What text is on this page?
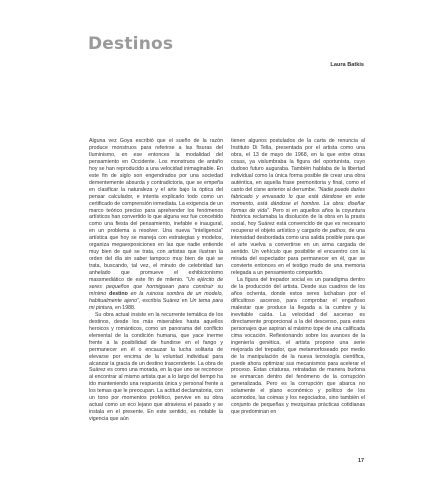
Destinos
Laura Batkis

Alguna vez Goya escribió que el sueño de la razón produce monstruos para referirse a las fisuras del Iluminismo, en ese entonces la modalidad del pensamiento en Occidente. Los monstruos de antaño hoy se han reproducido a una velocidad inimaginable. En este fin de siglo son engendrados por una sociedad dementemente absurda y contradictoria, que se empeña en clasificar la naturaleza y el arte bajo la óptica del pensar calculador, e intenta explicarlo todo como un certificado de comprensión inmediata. La exigencia de un marco teórico preciso para aprehender los fenómenos artísticos han convertido lo que alguna vez fue concebido como una fiesta del pensamiento, inefable e inaugural, en un problema a resolver. Una nueva “inteligencia” artística que hoy se maneja con estrategias y modelos, organiza megaexposiciones en las que nadie entiende muy bien de qué se trata, con artistas que ilustran la orden del día sin saber tampoco muy bien de qué se trata, buscando, tal vez, el minuto de celebridad tan anhelado que promueve el exhibicionismo massmediático de este fin de milenio. “Un ejército de seres pequeños que hormiguean para construir su mínimo destino en la ruinosa sombra de un modelo, habitualmente ajeno”, escribía Suárez en Un tema para mi pintura, en 1988.

Su obra actual insiste en la recurrente temática de los destinos, desde los más miserables hasta aquellos heroicos y románticos, como un panorama del conflicto elemental de la condición humana, que yace inerme frente a la posibilidad de hundirse en el fango y permanecer en él o encauzar la lucha solitaria de elevarse por encima de la voluntad individual para alcanzar la gracia de un destino trascendente. La obra de Suárez es como una morada, en la que uno se reconoce al encontrar al mismo artista que a lo largo del tiempo ha ido manteniendo una respuesta única y personal frente a los temas que le preocupan. La actitud declamatoria, con un tono por momentos profético, pervive en su obra actual como un eco lejano que atraviesa el pasado y se instala en el presente. En este sentido, es notable la vigencia que aún

tienen algunos postulados de la carta de renuncia al Instituto Di Tella, presentada por el artista como una obra, el 13 de mayo de 1968, en la que entre otras cosas, ya vislumbraba la figura del oportunista, cuyo dudoso futuro auguraba. También hablaba de la libertad individual como la única forma posible de crear una obra auténtica, en aquella frase premonitoria y final, como el canto del cisne anterior al derrumbe. “Nadie puede darles fabricado y envasado lo que está dándose en este momento, está dándose el hombre. La obra: diseñar formas de vida”. Pero si en aquellos años la coyuntura histórica reclamaba la disolución de la obra en la praxis social, hoy Suárez está convencido de que es necesario recuperar el objeto artístico y cargarlo de pathos, de una intensidad desbordada como una salida posible para que el arte vuelva a convertirse en un arma cargada de sentido. Un vehículo que posibilite el encuentro con la mirada del espectador para permanecer en él, que se convierte entonces en el testigo mudo de una memoria relegada a un pensamiento compartido.

La figura del trepador social es un paradigma dentro de la producción del artista. Desde sus cuadros de los años ochenta, donde estos seres luchaban por el difícultoso ascenso, para comprobar el engañoso malestar que produce la llegada a la cumbre y la inevitable caída. La velocidad del ascenso es directamente proporcional a la del descenso, para estos personajes que aspiran al máximo tope de una calificada cima vocación. Reflexionando sobre los avances de la ingeniería genética, el artista propone una serie mejorada del trepador, que metamorfoseado por medio de la manipulación de la nueva tecnología científica, puede ahora optimizar sus mecanismos para acelerar el proceso. Estas criaturas, retratadas de manera burlona se enmarcan dentro del fenómeno de la corrupción generalizada. Pero es la corrupción que abarca no solamente el plano económico y político de los acomodos, las coimas y los negociados, sino también el conjunto de pequeñas y mezquinas prácticas cotidianas que predominan en

17
